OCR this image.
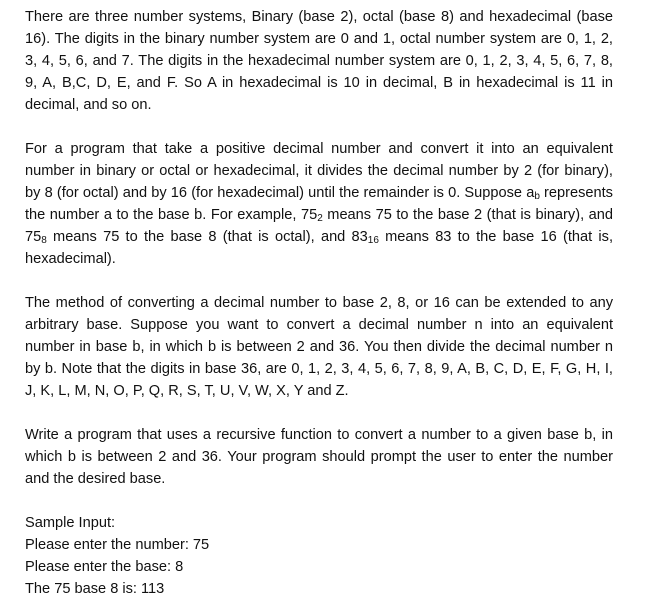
There are three number systems, Binary (base 2), octal (base 8) and hexadecimal (base 16). The digits in the binary number system are 0 and 1, octal number system are 0, 1, 2, 3, 4, 5, 6, and 7. The digits in the hexadecimal number system are 0, 1, 2, 3, 4, 5, 6, 7, 8, 9, A, B,C, D, E, and F. So A in hexadecimal is 10 in decimal, B in hexadecimal is 11 in decimal, and so on.

For a program that take a positive decimal number and convert it into an equivalent number in binary or octal or hexadecimal, it divides the decimal number by 2 (for binary), by 8 (for octal) and by 16 (for hexadecimal) until the remainder is 0. Suppose $a_b$ represents the number a to the base b. For example, $75_2$ means 75 to the base 2 (that is binary), and $75_8$ means 75 to the base 8 (that is octal), and $83_{16}$ means 83 to the base 16 (that is, hexadecimal).

The method of converting a decimal number to base 2, 8, or 16 can be extended to any arbitrary base. Suppose you want to convert a decimal number n into an equivalent number in base b, in which b is between 2 and 36. You then divide the decimal number n by b. Note that the digits in base 36, are 0, 1, 2, 3, 4, 5, 6, 7, 8, 9, A, B, C, D, E, F, G, H, I, J, K, L, M, N, O, P, Q, R, S, T, U, V, W, X, Y and Z.

Write a program that uses a recursive function to convert a number to a given base b, in which b is between 2 and 36. Your program should prompt the user to enter the number and the desired base.

Sample Input:
Please enter the number: 75
Please enter the base: 8
The 75 base 8 is: 113
